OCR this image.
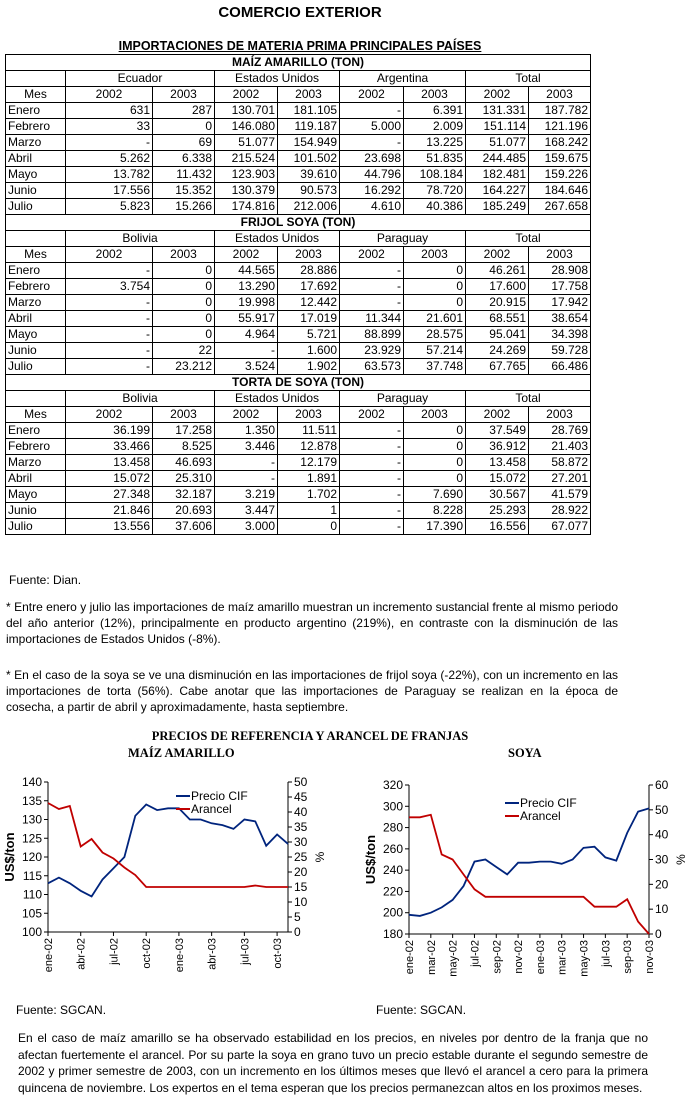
COMERCIO EXTERIOR
IMPORTACIONES DE MATERIA PRIMA PRINCIPALES PAÍSES
MAÍZ AMARILLO (TON)								
	Ecuador		Estados Unidos		Argentina		Total	
Mes	2002	2003	2002	2003	2002	2003	2002	2003
Enero	631	287	130.701	181.105	-	6.391	131.331	187.782
Febrero	33	0	146.080	119.187	5.000	2.009	151.114	121.196
Marzo	-	69	51.077	154.949	-	13.225	51.077	168.242
Abril	5.262	6.338	215.524	101.502	23.698	51.835	244.485	159.675
Mayo	13.782	11.432	123.903	39.610	44.796	108.184	182.481	159.226
Junio	17.556	15.352	130.379	90.573	16.292	78.720	164.227	184.646
Julio	5.823	15.266	174.816	212.006	4.610	40.386	185.249	267.658
FRIJOL SOYA (TON)								
	Bolivia		Estados Unidos		Paraguay		Total	
Mes	2002	2003	2002	2003	2002	2003	2002	2003
Enero	-	0	44.565	28.886	-	0	46.261	28.908
Febrero	3.754	0	13.290	17.692	-	0	17.600	17.758
Marzo	-	0	19.998	12.442	-	0	20.915	17.942
Abril	-	0	55.917	17.019	11.344	21.601	68.551	38.654
Mayo	-	0	4.964	5.721	88.899	28.575	95.041	34.398
Junio	-	22	-	1.600	23.929	57.214	24.269	59.728
Julio	-	23.212	3.524	1.902	63.573	37.748	67.765	66.486
TORTA DE SOYA (TON)								
	Bolivia		Estados Unidos		Paraguay		Total	
Mes	2002	2003	2002	2003	2002	2003	2002	2003
Enero	36.199	17.258	1.350	11.511	-	0	37.549	28.769
Febrero	33.466	8.525	3.446	12.878	-	0	36.912	21.403
Marzo	13.458	46.693	-	12.179	-	0	13.458	58.872
Abril	15.072	25.310	-	1.891	-	0	15.072	27.201
Mayo	27.348	32.187	3.219	1.702	-	7.690	30.567	41.579
Junio	21.846	20.693	3.447	1	-	8.228	25.293	28.922
Julio	13.556	37.606	3.000	0	-	17.390	16.556	67.077
Fuente: Dian.
* Entre enero y julio las importaciones de maíz amarillo muestran un incremento sustancial frente al mismo periodo del año anterior (12%), principalmente en producto argentino (219%), en contraste con la disminución de las importaciones de Estados Unidos (-8%).
* En el caso de la soya se ve una disminución en las importaciones de frijol soya (-22%), con un incremento en las importaciones de torta (56%). Cabe anotar que las importaciones de Paraguay se realizan en la época de cosecha, a partir de abril y aproximadamente, hasta septiembre.
PRECIOS DE REFERENCIA Y ARANCEL DE FRANJAS
MAÍZ AMARILLO	SOYA
100
105
110
115
120
125
130
135
140
0
5
10
15
20
25
30
35
40
45
50
ene-02 abr-02 jul-02 oct-02 ene-03 abr-03 jul-03 oct-03
US$/ton	%
Precio CIF
Arancel
180
200
220
240
260
280
300
320
0
10
20
30
40
50
60
ene-02 mar-02 may-02 jul-02 sep-02 nov-02 ene-03 mar-03 may-03 jul-03 sep-03 nov-03
US$/ton	%
Precio CIF
Arancel
Fuente: SGCAN.	Fuente: SGCAN.
En el caso de maíz amarillo se ha observado estabilidad en los precios, en niveles por dentro de la franja que no afectan fuertemente el arancel. Por su parte la soya en grano tuvo un precio estable durante el segundo semestre de 2002 y primer semestre de 2003, con un incremento en los últimos meses que llevó el arancel a cero para la primera quincena de noviembre. Los expertos en el tema esperan que los precios permanezcan altos en los proximos meses.
